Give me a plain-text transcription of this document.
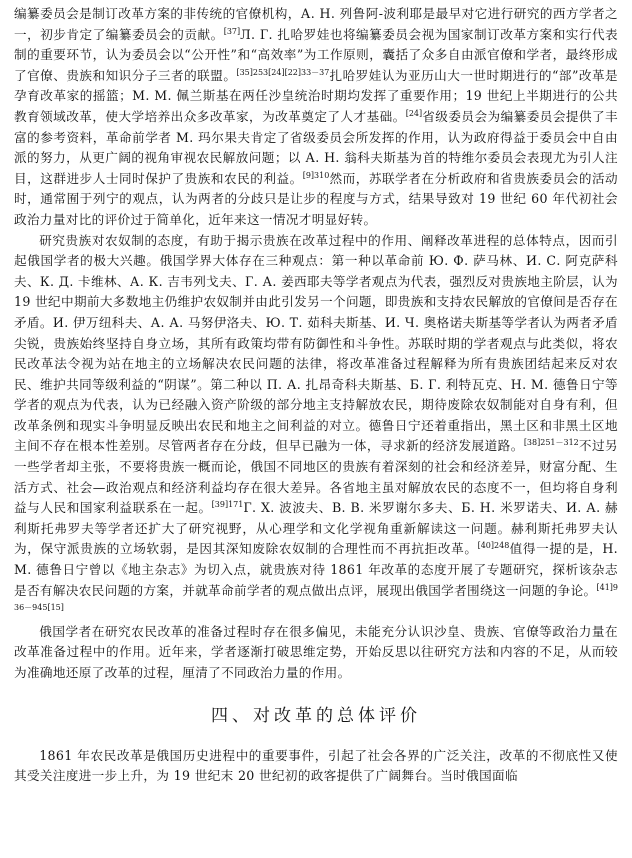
编纂委员会是制订改革方案的非传统的官僚机构，А. Н. 列鲁阿-波利耶是最早对它进行研究的西方学者之一，初步肯定了编纂委员会的贡献。[37]Л. Г. 扎哈罗娃也将编纂委员会视为国家制订改革方案和实行代表制的重要环节，认为委员会以“公开性”和“高效率”为工作原则，囊括了众多自由派官僚和学者，最终形成了官僚、贵族和知识分子三者的联盟。$^{[35]253[24][22]33-37}$扎哈罗娃认为亚历山大一世时期进行的“部”改革是孕育改革家的摇篮；М. М. 佩兰斯基在两任沙皇统治时期均发挥了重要作用；19 世纪上半期进行的公共教育领域改革，使大学培养出众多改革家，为改革奠定了人才基础。[24]省级委员会为编纂委员会提供了丰富的参考资料，革命前学者 М. 玛尔果夫肯定了省级委员会所发挥的作用，认为政府得益于委员会中自由派的努力，从更广阔的视角审视农民解放问题；以 А. Н. 翁科夫斯基为首的特维尔委员会表现尤为引人注目，这群进步人士同时保护了贵族和农民的利益。$^{[9]310}$然而，苏联学者在分析政府和省贵族委员会的活动时，通常囿于列宁的观点，认为两者的分歧只是让步的程度与方式，结果导致对 19 世纪 60 年代初社会政治力量对比的评价过于简单化，近年来这一情况才明显好转。

研究贵族对农奴制的态度，有助于揭示贵族在改革过程中的作用、阐释改革进程的总体特点，因而引起俄国学者的极大兴趣。俄国学界大体存在三种观点：第一种以革命前 Ю. Ф. 萨马林、И. С. 阿克萨科夫、К. Д. 卡维林、А. К. 吉韦列戈夫、Г. А. 姜西耶夫等学者观点为代表，强烈反对贵族地主阶层，认为 19 世纪中期前大多数地主仍维护农奴制并由此引发另一个问题，即贵族和支持农民解放的官僚间是否存在矛盾。И. 伊万纽科夫、А. А. 马努伊洛夫、Ю. Т. 茹科夫斯基、И. Ч. 奥格诺夫斯基等学者认为两者矛盾尖锐，贵族始终坚持自身立场，其所有政策均带有防御性和斗争性。苏联时期的学者观点与此类似，将农民改革法令视为站在地主的立场解决农民问题的法律，将改革准备过程解释为所有贵族团结起来反对农民、维护共同等级利益的“阴谋”。第二种以 П. А. 扎昂奇科夫斯基、Б. Г. 利特瓦克、Н. М. 德鲁日宁等学者的观点为代表，认为已经融入资产阶级的部分地主支持解放农民，期待废除农奴制能对自身有利，但改革条例和现实斗争明显反映出农民和地主之间利益的对立。德鲁日宁还着重指出，黑土区和非黑土区地主间不存在根本性差别。尽管两者存在分歧，但早已融为一体，寻求新的经济发展道路。$^{[38]251-312}$不过另一些学者却主张，不要将贵族一概而论，俄国不同地区的贵族有着深刻的社会和经济差异，财富分配、生活方式、社会—政治观点和经济利益均存在很大差异。各省地主虽对解放农民的态度不一，但均将自身利益与人民和国家利益联系在一起。$^{[39]171}$Г. Х. 波波夫、В. В. 米罗谢尔多夫、Б. Н. 米罗诺夫、И. А. 赫利斯托弗罗夫等学者还扩大了研究视野，从心理学和文化学视角重新解读这一问题。赫利斯托弗罗夫认为，保守派贵族的立场软弱，是因其深知废除农奴制的合理性而不再抗拒改革。$^{[40]248}$值得一提的是，Н. М. 德鲁日宁曾以《地主杂志》为切入点，就贵族对待 1861 年改革的态度开展了专题研究，探析该杂志是否有解决农民问题的方案，并就革命前学者的观点做出点评，展现出俄国学者围绕这一问题的争论。[41]936－945[15]

俄国学者在研究农民改革的准备过程时存在很多偏见，未能充分认识沙皇、贵族、官僚等政治力量在改革准备过程中的作用。近年来，学者逐渐打破思维定势，开始反思以往研究方法和内容的不足，从而较为准确地还原了改革的过程，厘清了不同政治力量的作用。

四、对改革的总体评价

1861 年农民改革是俄国历史进程中的重要事件，引起了社会各界的广泛关注，改革的不彻底性又使其受关注度进一步上升，为 19 世纪末 20 世纪初的政客提供了广阔舞台。当时俄国面临
